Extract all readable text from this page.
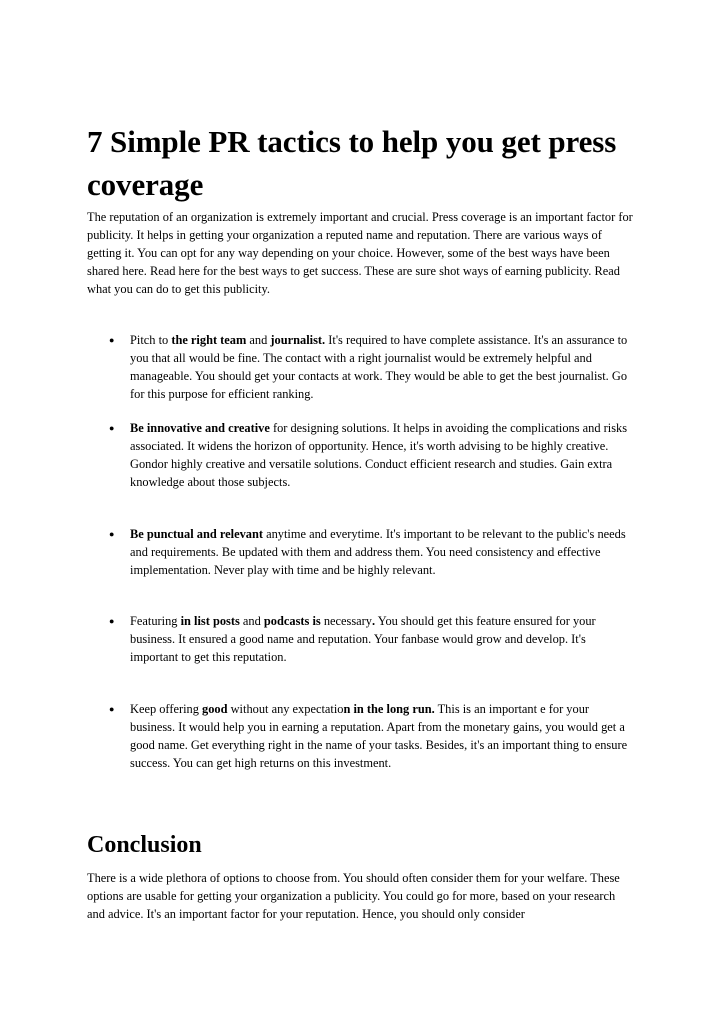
7 Simple PR tactics to help you get press coverage

The reputation of an organization is extremely important and crucial. Press coverage is an important factor for publicity. It helps in getting your organization a reputed name and reputation. There are various ways of getting it. You can opt for any way depending on your choice. However, some of the best ways have been shared here. Read here for the best ways to get success. These are sure shot ways of earning publicity. Read what you can do to get this publicity.

● Pitch to the right team and journalist. It's required to have complete assistance. It's an assurance to you that all would be fine. The contact with a right journalist would be extremely helpful and manageable. You should get your contacts at work. They would be able to get the best journalist. Go for this purpose for efficient ranking.

● Be innovative and creative for designing solutions. It helps in avoiding the complications and risks associated. It widens the horizon of opportunity. Hence, it's worth advising to be highly creative. Gondor highly creative and versatile solutions. Conduct efficient research and studies. Gain extra knowledge about those subjects.

● Be punctual and relevant anytime and everytime. It's important to be relevant to the public's needs and requirements. Be updated with them and address them. You need consistency and effective implementation. Never play with time and be highly relevant.

● Featuring in list posts and podcasts is necessary. You should get this feature ensured for your business. It ensured a good name and reputation. Your fanbase would grow and develop. It's important to get this reputation.

● Keep offering good without any expectation in the long run. This is an important e for your business. It would help you in earning a reputation. Apart from the monetary gains, you would get a good name. Get everything right in the name of your tasks. Besides, it's an important thing to ensure success. You can get high returns on this investment.

Conclusion

There is a wide plethora of options to choose from. You should often consider them for your welfare. These options are usable for getting your organization a publicity. You could go for more, based on your research and advice. It's an important factor for your reputation. Hence, you should only consider
